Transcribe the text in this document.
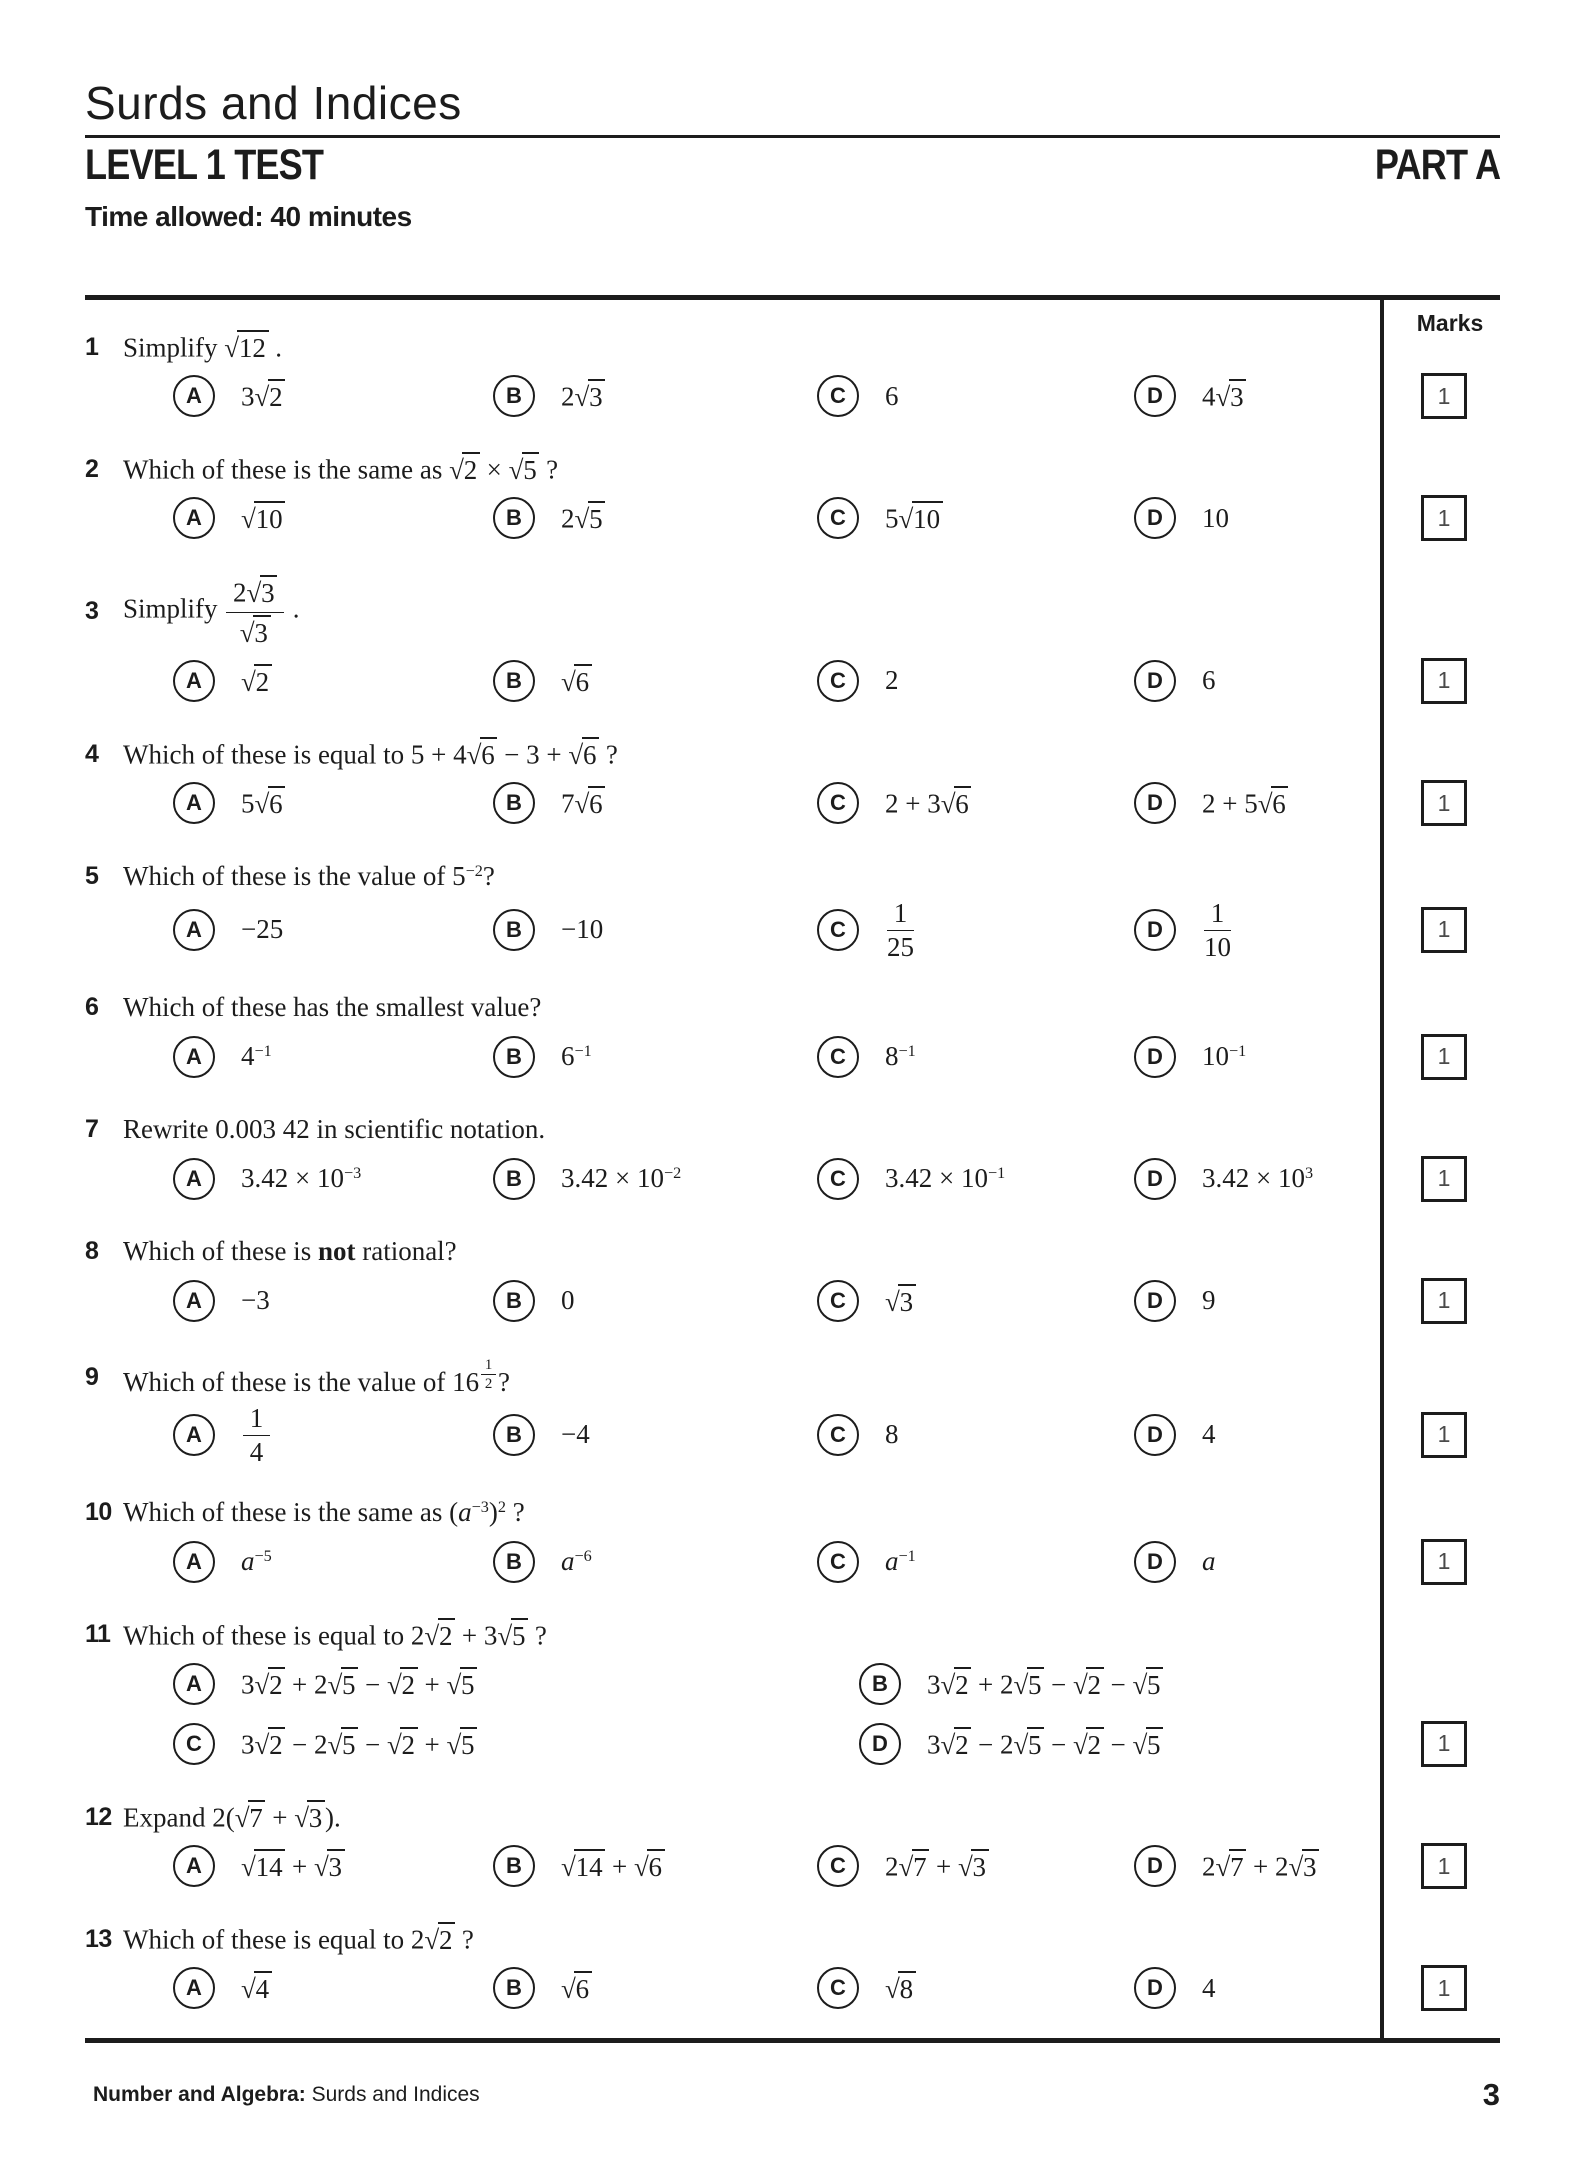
Surds and Indices
LEVEL 1 TEST	PART A
Time allowed: 40 minutes
Marks
1 Simplify √12 .
A	3√2	B	2√3	C	6	D	4√3	1
2 Which of these is the same as √2 × √5 ?
A	√10	B	2√5	C	5√10	D	10	1
3 Simplify $\frac{2√3}{√3}$ .
A	√2	B	√6	C	2	D	6	1
4 Which of these is equal to 5 + 4√6 − 3 + √6 ?
A	5√6	B	7√6	C	2 + 3√6	D	2 + 5√6	1
5 Which of these is the value of $5^{-2}$?
A	−25	B	−10	C	$\frac{1}{25}$	D	$\frac{1}{10}$	1
6 Which of these has the smallest value?
A	$4^{-1}$	B	$6^{-1}$	C	$8^{-1}$	D	$10^{-1}$	1
7 Rewrite 0.003 42 in scientific notation.
A	$3.42 \times 10^{-3}$	B	$3.42 \times 10^{-2}$	C	$3.42 \times 10^{-1}$	D	$3.42 \times 10^3$	1
8 Which of these is not rational?
A	−3	B	0	C	√3	D	9	1
9 Which of these is the value of 16 $^{\frac{1}{2}}$ ?
A	$\frac{1}{4}$	B	−4	C	8	D	4	1
10 Which of these is the same as $(a^{-3})^2$ ?
A	$a^{-5}$	B	$a^{-6}$	C	$a^{-1}$	D	a	1
11 Which of these is equal to 2√2 + 3√5 ?
A	3√2 + 2√5 − √2 + √5	B	3√2 + 2√5 − √2 − √5
C	3√2 − 2√5 − √2 + √5	D	3√2 − 2√5 − √2 − √5	1
12 Expand 2(√7 + √3).
A	√14 + √3	B	√14 + √6	C	2√7 + √3	D	2√7 + 2√3	1
13 Which of these is equal to 2√2 ?
A	√4	B	√6	C	√8	D	4	1
Number and Algebra: Surds and Indices	3
